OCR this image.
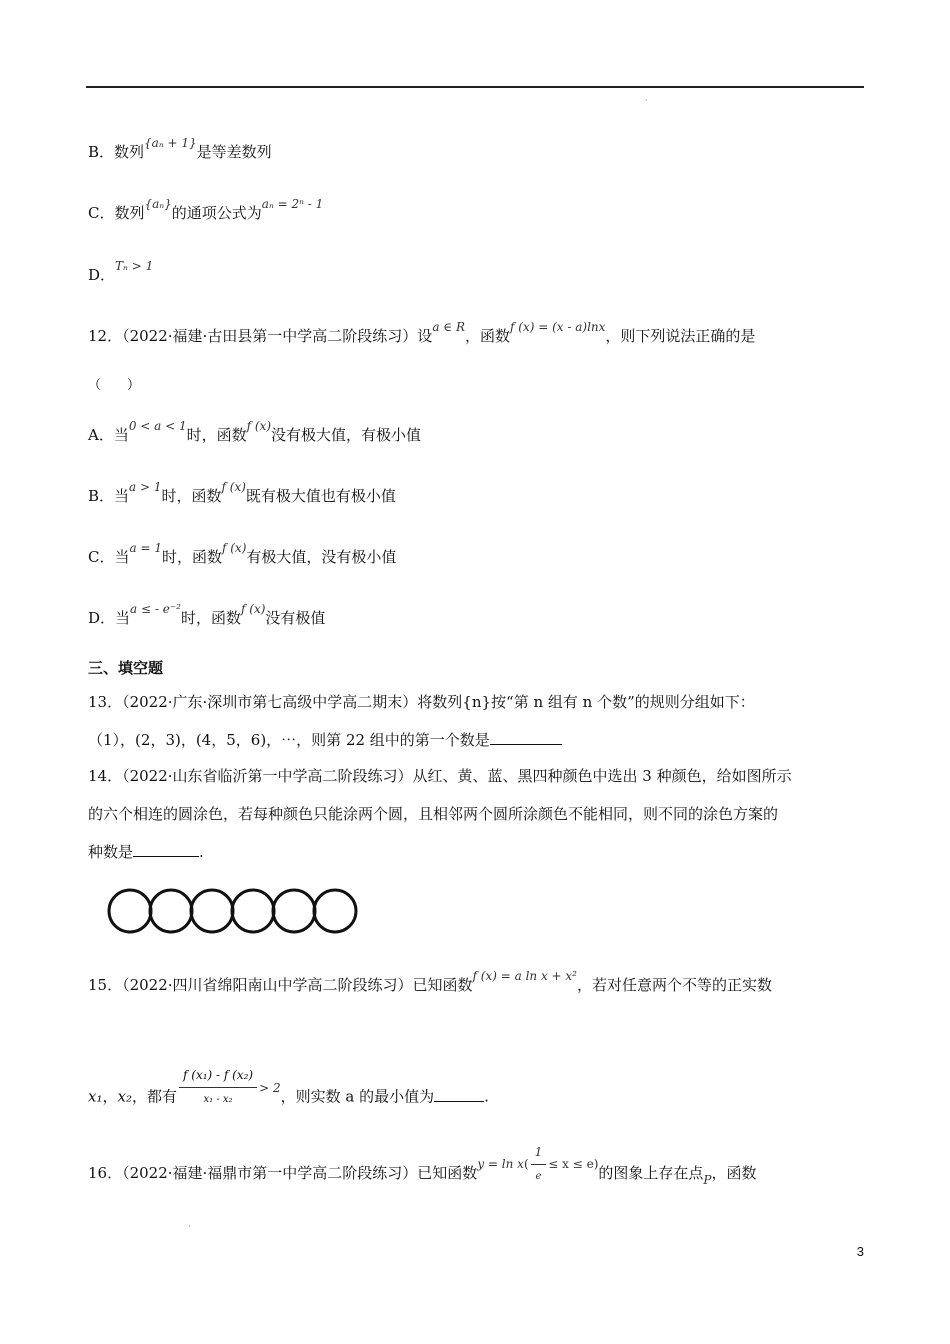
·
B．数列$^{\{a_n + 1\}}$是等差数列
C．数列$^{\{a_n\}}$的通项公式为$^{a_n = 2^n - 1}$
D．$^{T_n > 1}$
12．（2022·福建·古田县第一中学高二阶段练习）设$^{a \in R}$，函数$^{f (x) = (x - a)lnx}$，则下列说法正确的是
（　　）
A．当$^{0 < a < 1}$时，函数$^{f (x)}$没有极大值，有极小值
B．当$^{a > 1}$时，函数$^{f (x)}$既有极大值也有极小值
C．当$^{a = 1}$时，函数$^{f (x)}$有极大值，没有极小值
D．当$^{a \le - e^{-2}}$时，函数$^{f (x)}$没有极值
三、填空题
13．（2022·广东·深圳市第七高级中学高二期末）将数列{n}按“第 n 组有 n 个数”的规则分组如下：
（1），(2，3)，(4，5，6)，⋯，则第 22 组中的第一个数是
14．（2022·山东省临沂第一中学高二阶段练习）从红、黄、蓝、黑四种颜色中选出 3 种颜色，给如图所示
的六个相连的圆涂色，若每种颜色只能涂两个圆，且相邻两个圆所涂颜色不能相同，则不同的涂色方案的
种数是	.
15．（2022·四川省绵阳南山中学高二阶段练习）已知函数$^{f (x) = a ln x + x^2}$，若对任意两个不等的正实数
x₁，x₂，都有 $\frac{\text{f (x₁) - f (x₂)}}{\text{x₁ - x₂}} ^{> 2}$，则实数 a 的最小值为	.
16．（2022·福建·福鼎市第一中学高二阶段练习）已知函数$^{y = ln x( \frac{1}{e} \le x \le e)}$的图象上存在点$_P$，函数
·
3
